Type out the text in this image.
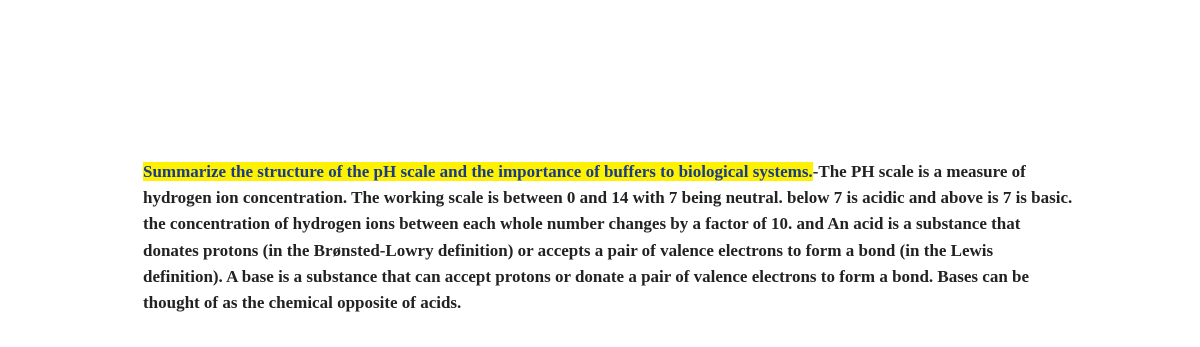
Summarize the structure of the pH scale and the importance of buffers to biological systems.-The PH scale is a measure of hydrogen ion concentration. The working scale is between 0 and 14 with 7 being neutral. below 7 is acidic and above is 7 is basic. the concentration of hydrogen ions between each whole number changes by a factor of 10. and An acid is a substance that donates protons (in the Brønsted-Lowry definition) or accepts a pair of valence electrons to form a bond (in the Lewis definition). A base is a substance that can accept protons or donate a pair of valence electrons to form a bond. Bases can be thought of as the chemical opposite of acids.
